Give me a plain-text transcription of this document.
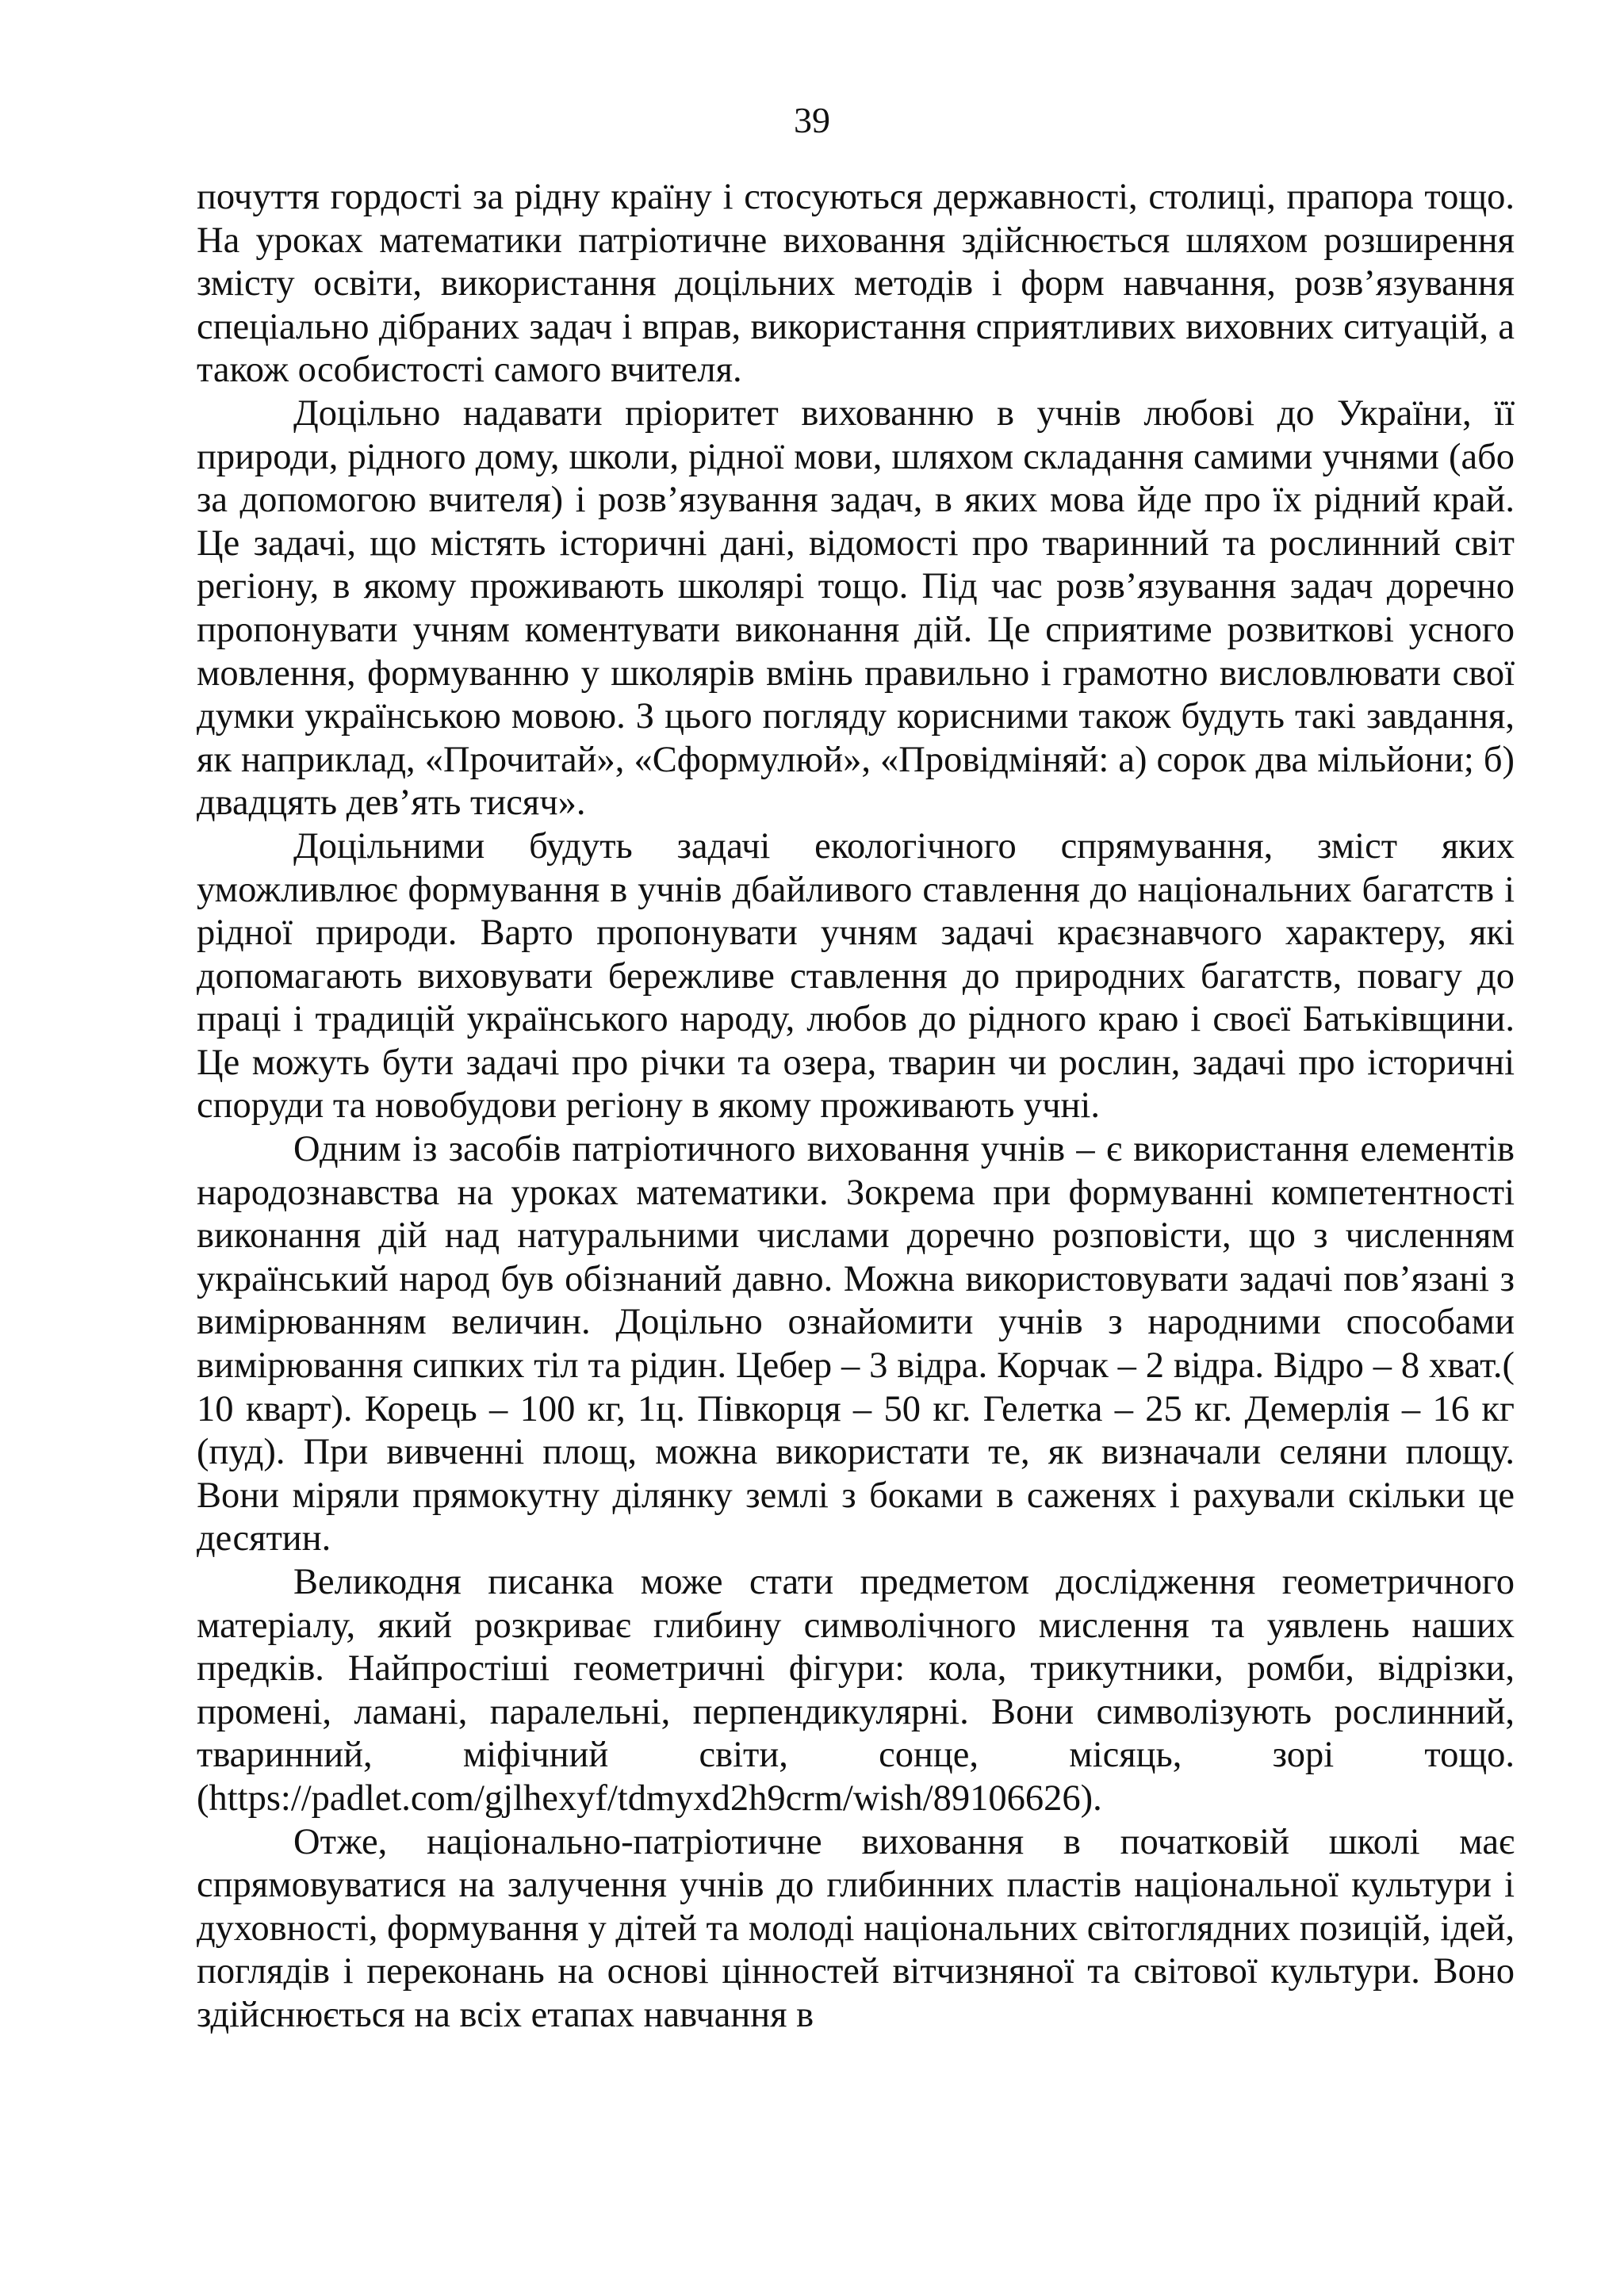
39

почуття гордості за рідну країну і стосуються державності, столиці, прапора тощо. На уроках математики патріотичне виховання здійснюється шляхом розширення змісту освіти, використання доцільних методів і форм навчання, розв’язування спеціально дібраних задач і вправ, використання сприятливих виховних ситуацій, а також особистості самого вчителя.

Доцільно надавати пріоритет вихованню в учнів любові до України, її природи, рідного дому, школи, рідної мови, шляхом складання самими учнями (або за допомогою вчителя) і розв’язування задач, в яких мова йде про їх рідний край. Це задачі, що містять історичні дані, відомості про тваринний та рослинний світ регіону, в якому проживають школярі тощо. Під час розв’язування задач доречно пропонувати учням коментувати виконання дій. Це сприятиме розвиткові усного мовлення, формуванню у школярів вмінь правильно і грамотно висловлювати свої думки українською мовою. З цього погляду корисними також будуть такі завдання, як наприклад, «Прочитай», «Сформулюй», «Провідміняй: а) сорок два мільйони; б) двадцять дев’ять тисяч».

Доцільними будуть задачі екологічного спрямування, зміст яких уможливлює формування в учнів дбайливого ставлення до національних багатств і рідної природи. Варто пропонувати учням задачі краєзнавчого характеру, які допомагають виховувати бережливе ставлення до природних багатств, повагу до праці і традицій українського народу, любов до рідного краю і своєї Батьківщини. Це можуть бути задачі про річки та озера, тварин чи рослин, задачі про історичні споруди та новобудови регіону в якому проживають учні.

Одним із засобів патріотичного виховання учнів – є використання елементів народознавства на уроках математики. Зокрема при формуванні компетентності виконання дій над натуральними числами доречно розповісти, що з численням український народ був обізнаний давно. Можна використовувати задачі пов’язані з вимірюванням величин. Доцільно ознайомити учнів з народними способами вимірювання сипких тіл та рідин. Цебер – 3 відра. Корчак – 2 відра. Відро – 8 хват.( 10 кварт). Корець – 100 кг, 1ц. Півкорця – 50 кг. Гелетка – 25 кг. Демерлія – 16 кг (пуд). При вивченні площ, можна використати те, як визначали селяни площу. Вони міряли прямокутну ділянку землі з боками в саженях і рахували скільки це десятин.

Великодня писанка може стати предметом дослідження геометричного матеріалу, який розкриває глибину символічного мислення та уявлень наших предків. Найпростіші геометричні фігури: кола, трикутники, ромби, відрізки, промені, ламані, паралельні, перпендикулярні. Вони символізують рослинний, тваринний, міфічний світи, сонце, місяць, зорі тощо. (https://padlet.com/gjlhexyf/tdmyxd2h9crm/wish/89106626).

Отже, національно-патріотичне виховання в початковій школі має спрямовуватися на залучення учнів до глибинних пластів національної культури і духовності, формування у дітей та молоді національних світоглядних позицій, ідей, поглядів і переконань на основі цінностей вітчизняної та світової культури. Воно здійснюється на всіх етапах навчання в
